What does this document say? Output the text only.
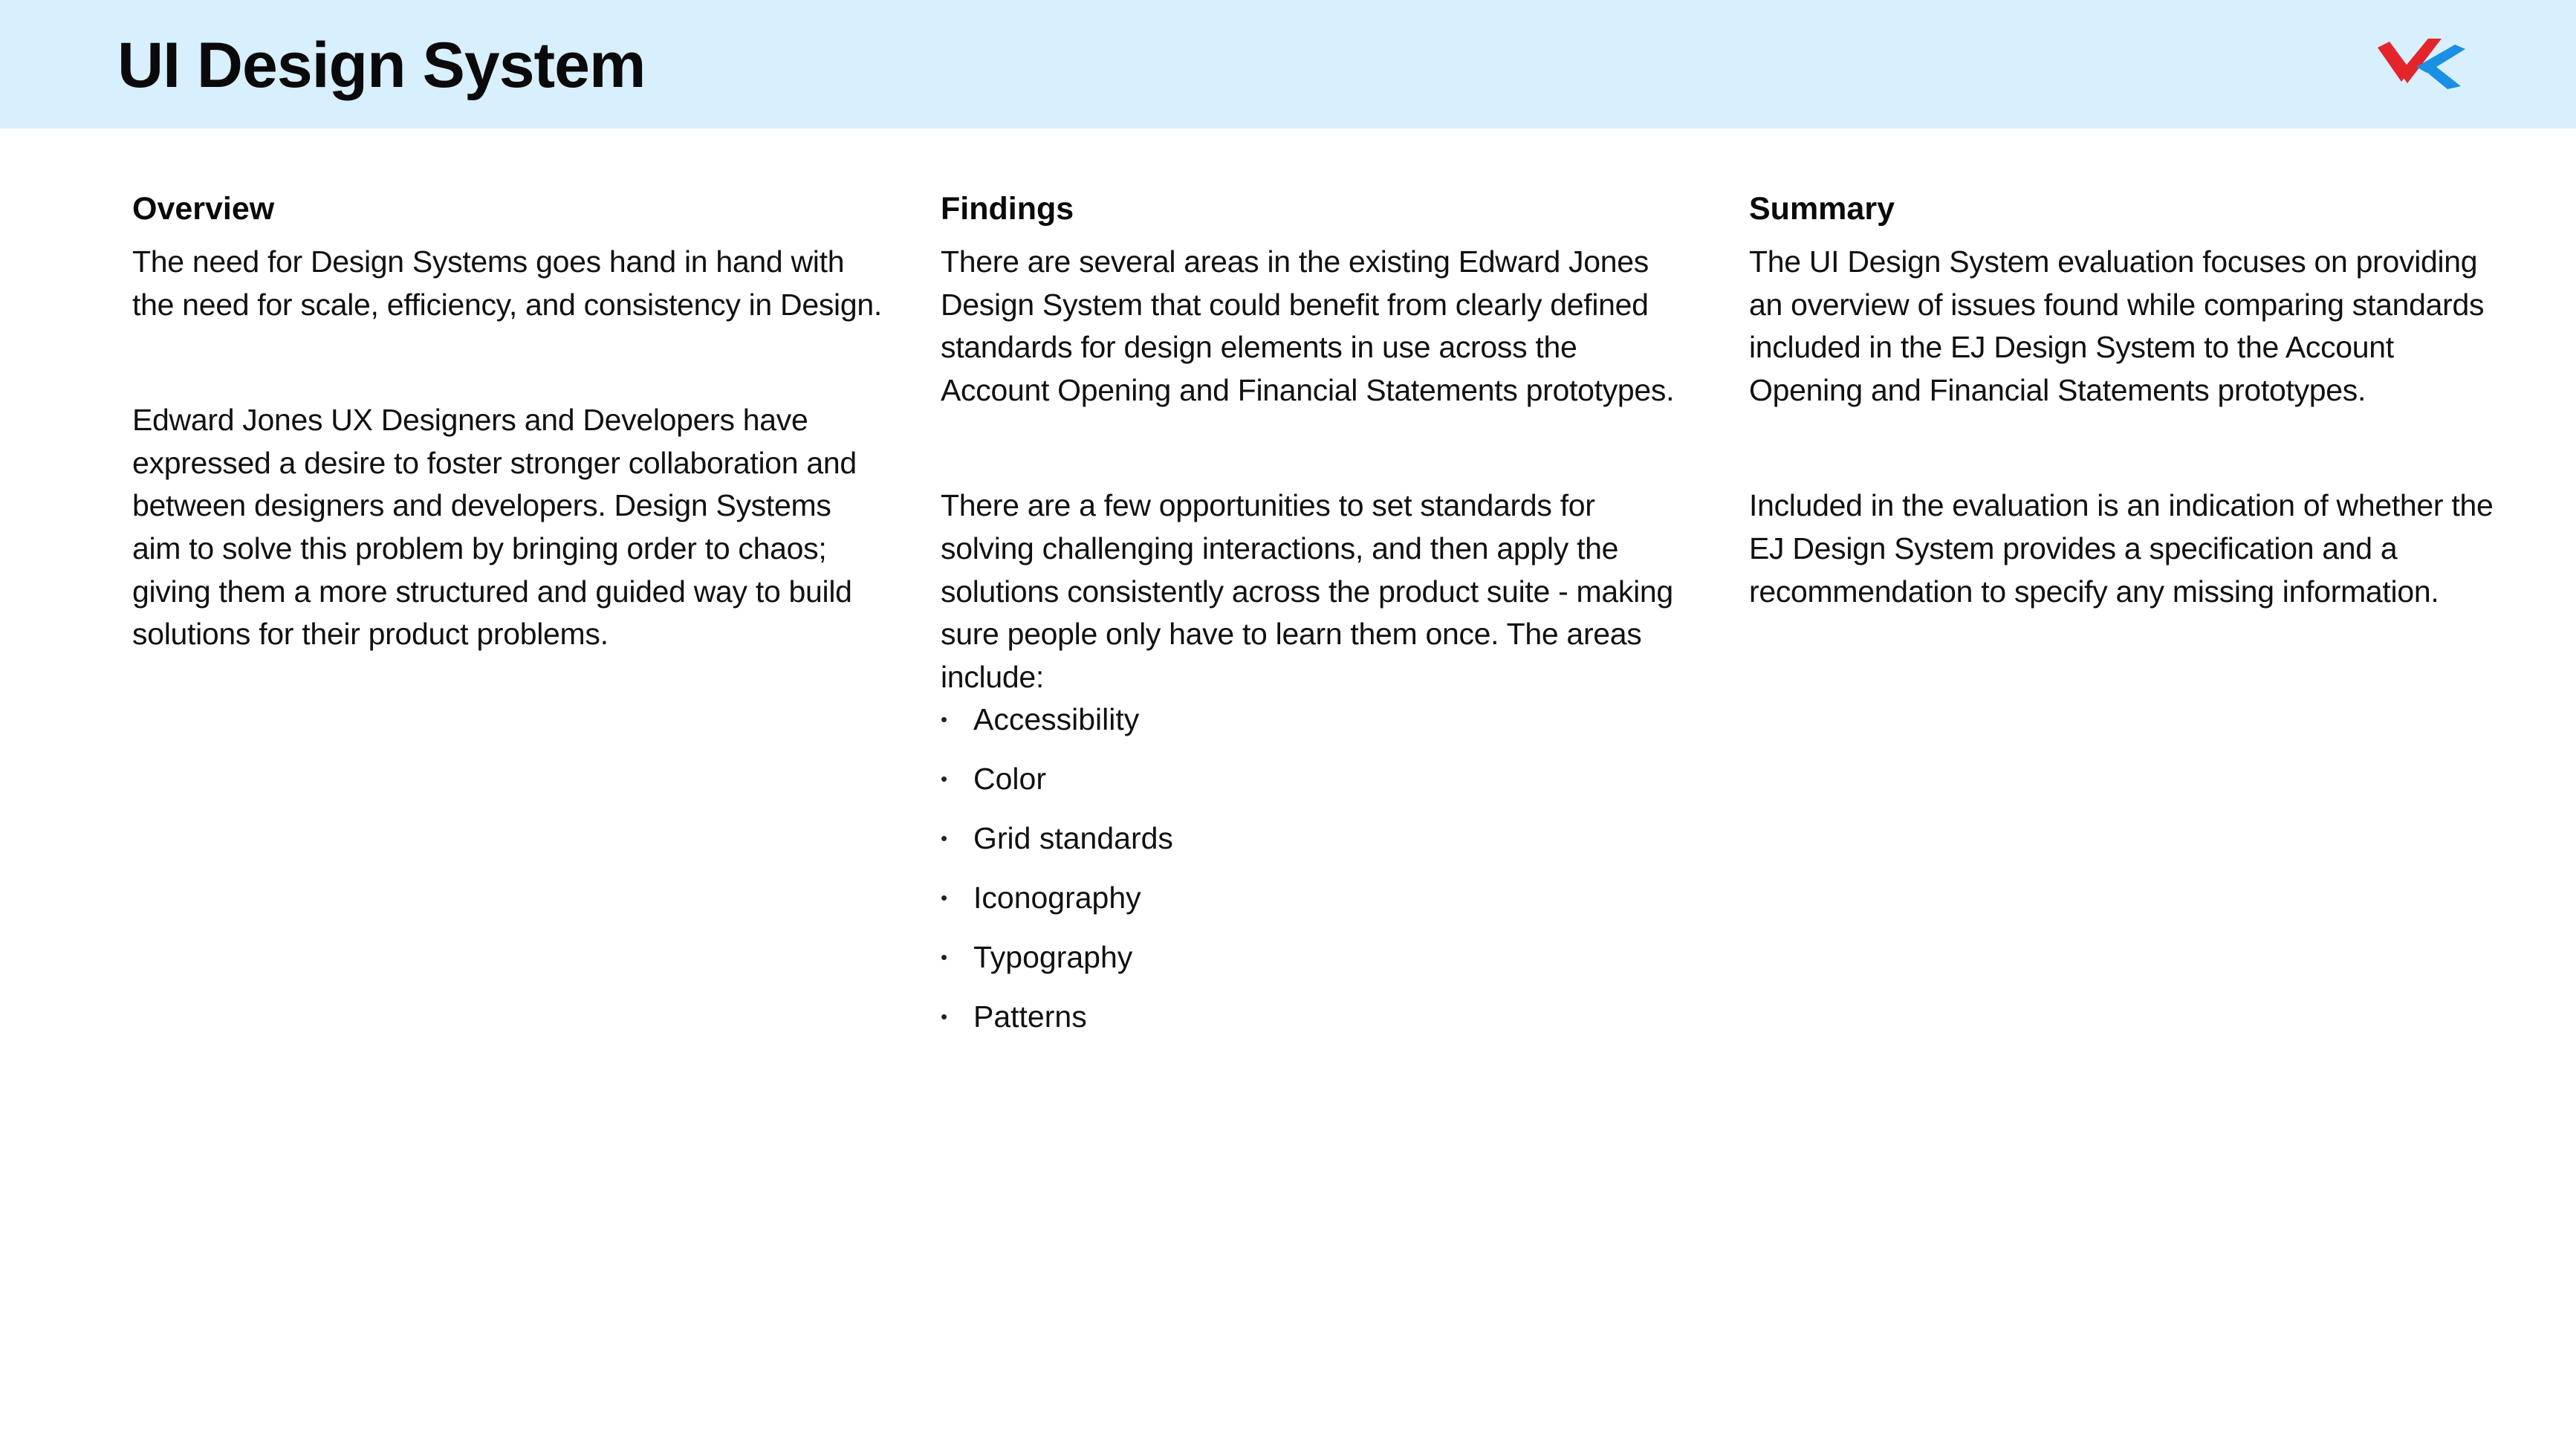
UI Design System
Overview

The need for Design Systems goes hand in hand with the need for scale, efficiency, and consistency in Design.

Edward Jones UX Designers and Developers have expressed a desire to foster stronger collaboration and between designers and developers. Design Systems aim to solve this problem by bringing order to chaos; giving them a more structured and guided way to build solutions for their product problems.

Findings

There are several areas in the existing Edward Jones Design System that could benefit from clearly defined standards for design elements in use across the Account Opening and Financial Statements prototypes.

There are a few opportunities to set standards for solving challenging interactions, and then apply the solutions consistently across the product suite - making sure people only have to learn them once. The areas include:

• Accessibility
• Color
• Grid standards
• Iconography
• Typography
• Patterns
Summary

The UI Design System evaluation focuses on providing an overview of issues found while comparing standards included in the EJ Design System to the Account Opening and Financial Statements prototypes.

Included in the evaluation is an indication of whether the EJ Design System provides a specification and a recommendation to specify any missing information.
